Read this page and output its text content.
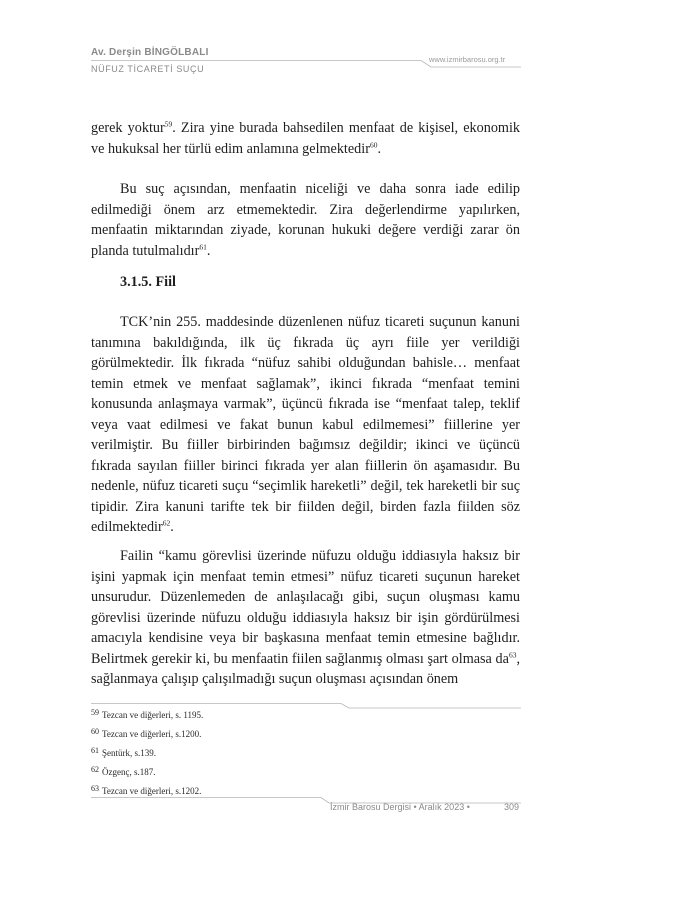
Av. Derşin BİNGÖLBALI
NÜFUZ TİCARETİ SUÇU
www.izmirbarosu.org.tr

gerek yoktur$^{59}$. Zira yine burada bahsedilen menfaat de kişisel, ekonomik ve hukuksal her türlü edim anlamına gelmektedir$^{60}$.

Bu suç açısından, menfaatin niceliği ve daha sonra iade edilip edilmediği önem arz etmemektedir. Zira değerlendirme yapılırken, menfaatin miktarından ziyade, korunan hukuki değere verdiği zarar ön planda tutulmalıdır$^{61}$.

3.1.5. Fiil

TCK’nin 255. maddesinde düzenlenen nüfuz ticareti suçunun kanuni tanımına bakıldığında, ilk üç fıkrada üç ayrı fiile yer verildiği görülmektedir. İlk fıkrada “nüfuz sahibi olduğundan bahisle… menfaat temin etmek ve menfaat sağlamak”, ikinci fıkrada “menfaat temini konusunda anlaşmaya varmak”, üçüncü fıkrada ise “menfaat talep, teklif veya vaat edilmesi ve fakat bunun kabul edilmemesi” fiillerine yer verilmiştir. Bu fiiller birbirinden bağımsız değildir; ikinci ve üçüncü fıkrada sayılan fiiller birinci fıkrada yer alan fiillerin ön aşamasıdır. Bu nedenle, nüfuz ticareti suçu “seçimlik hareketli” değil, tek hareketli bir suç tipidir. Zira kanuni tarifte tek bir fiilden değil, birden fazla fiilden söz edilmektedir$^{62}$.

Failin “kamu görevlisi üzerinde nüfuzu olduğu iddiasıyla haksız bir işini yapmak için menfaat temin etmesi” nüfuz ticareti suçunun hareket unsurudur. Düzenlemeden de anlaşılacağı gibi, suçun oluşması kamu görevlisi üzerinde nüfuzu olduğu iddiasıyla haksız bir işin gördürülmesi amacıyla kendisine veya bir başkasına menfaat temin etmesine bağlıdır. Belirtmek gerekir ki, bu menfaatin fiilen sağlanmış olması şart olmasa $da^{63}$, sağlanmaya çalışıp çalışılmadığı suçun oluşması açısından önem

$^{59}$ Tezcan ve diğerleri, s. 1195.

$^{60}$ Tezcan ve diğerleri, s.1200.

$^{61}$ Şentürk, s.139.

$^{62}$ Özgenç, s.187.

$^{63}$ Tezcan ve diğerleri, s.1202.

İzmir Barosu Dergisi • Aralık 2023 •	309
